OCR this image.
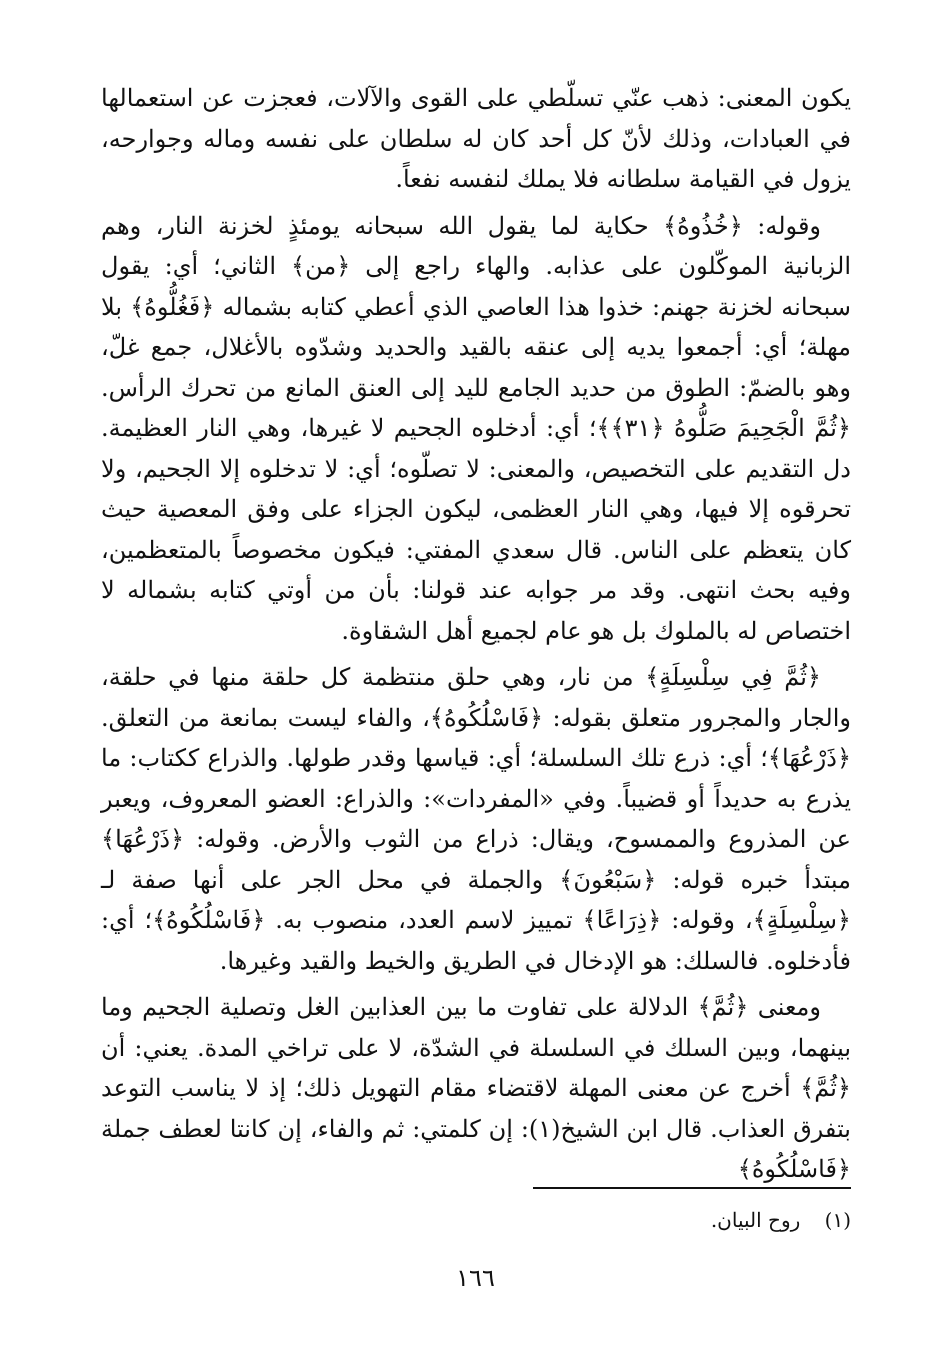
يكون المعنى: ذهب عنّي تسلّطي على القوى والآلات، فعجزت عن استعمالها في العبادات، وذلك لأنّ كل أحد كان له سلطان على نفسه وماله وجوارحه، يزول في القيامة سلطانه فلا يملك لنفسه نفعاً.

وقوله: ﴿خُذُوهُ﴾ حكاية لما يقول الله سبحانه يومئذٍ لخزنة النار، وهم الزبانية الموكّلون على عذابه. والهاء راجع إلى ﴿من﴾ الثاني؛ أي: يقول سبحانه لخزنة جهنم: خذوا هذا العاصي الذي أعطي كتابه بشماله ﴿فَغُلُّوهُ﴾ بلا مهلة؛ أي: أجمعوا يديه إلى عنقه بالقيد والحديد وشدّوه بالأغلال، جمع غلّ، وهو بالضمّ: الطوق من حديد الجامع لليد إلى العنق المانع من تحرك الرأس. ﴿ثُمَّ الْجَحِيمَ صَلُّوهُ ﴿٣١﴾﴾؛ أي: أدخلوه الجحيم لا غيرها، وهي النار العظيمة. دل التقديم على التخصيص، والمعنى: لا تصلّوه؛ أي: لا تدخلوه إلا الجحيم، ولا تحرقوه إلا فيها، وهي النار العظمى، ليكون الجزاء على وفق المعصية حيث كان يتعظم على الناس. قال سعدي المفتي: فيكون مخصوصاً بالمتعظمين، وفيه بحث انتهى. وقد مر جوابه عند قولنا: بأن من أوتي كتابه بشماله لا اختصاص له بالملوك بل هو عام لجميع أهل الشقاوة.

﴿ثُمَّ فِي سِلْسِلَةٍ﴾ من نار، وهي حلق منتظمة كل حلقة منها في حلقة، والجار والمجرور متعلق بقوله: ﴿فَاسْلُكُوهُ﴾، والفاء ليست بمانعة من التعلق. ﴿ذَرْعُهَا﴾؛ أي: ذرع تلك السلسلة؛ أي: قياسها وقدر طولها. والذراع ككتاب: ما يذرع به حديداً أو قضيباً. وفي «المفردات»: والذراع: العضو المعروف، ويعبر عن المذروع والممسوح، ويقال: ذراع من الثوب والأرض. وقوله: ﴿ذَرْعُهَا﴾ مبتدأ خبره قوله: ﴿سَبْعُونَ﴾ والجملة في محل الجر على أنها صفة لـ ﴿سِلْسِلَةٍ﴾، وقوله: ﴿ذِرَاعًا﴾ تمييز لاسم العدد، منصوب به. ﴿فَاسْلُكُوهُ﴾؛ أي: فأدخلوه. فالسلك: هو الإدخال في الطريق والخيط والقيد وغيرها.

ومعنى ﴿ثُمَّ﴾ الدلالة على تفاوت ما بين العذابين الغل وتصلية الجحيم وما بينهما، وبين السلك في السلسلة في الشدّة، لا على تراخي المدة. يعني: أن ﴿ثُمَّ﴾ أخرج عن معنى المهلة لاقتضاء مقام التهويل ذلك؛ إذ لا يناسب التوعد بتفرق العذاب. قال ابن الشيخ(١): إن كلمتي: ثم والفاء، إن كانتا لعطف جملة ﴿فَاسْلُكُوهُ﴾

(١) روح البيان.
١٦٦
